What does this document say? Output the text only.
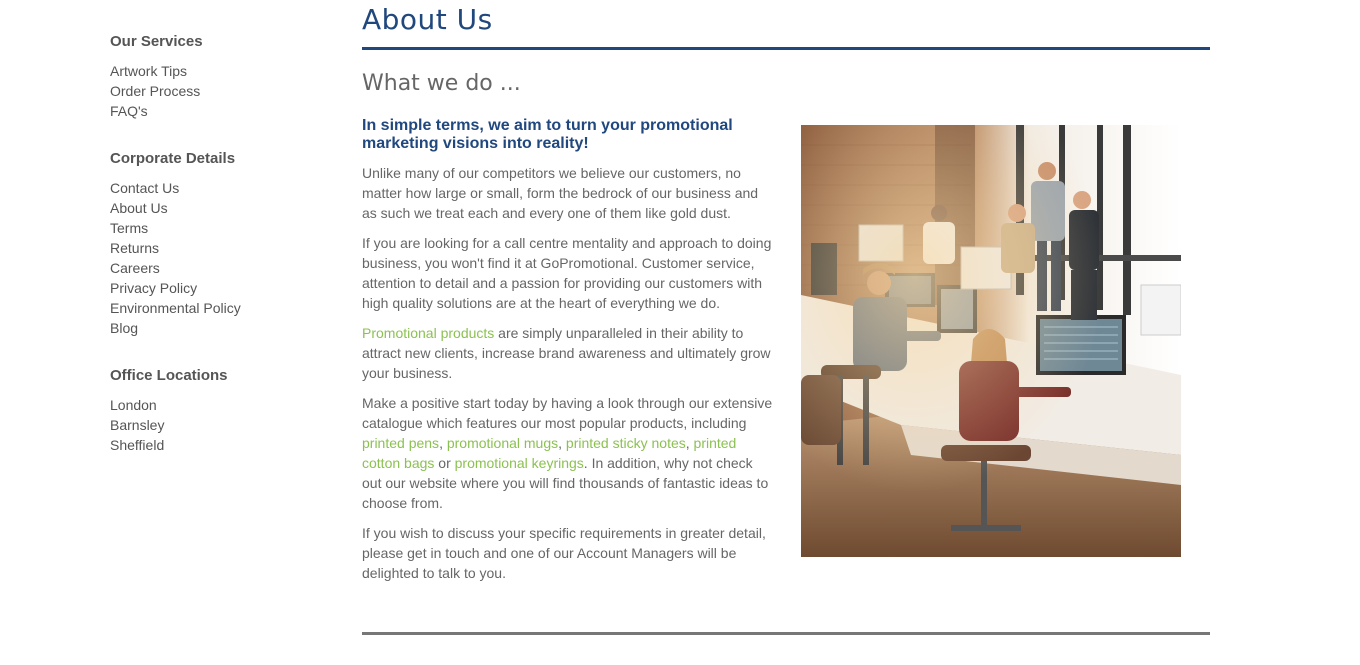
Our Services
Artwork Tips
Order Process
FAQ's
Corporate Details
Contact Us
About Us
Terms
Returns
Careers
Privacy Policy
Environmental Policy
Blog
Office Locations
London
Barnsley
Sheffield
About Us
What we do ...

In simple terms, we aim to turn your promotional marketing visions into reality!

Unlike many of our competitors we believe our customers, no matter how large or small, form the bedrock of our business and as such we treat each and every one of them like gold dust.

If you are looking for a call centre mentality and approach to doing business, you won't find it at GoPromotional. Customer service, attention to detail and a passion for providing our customers with high quality solutions are at the heart of everything we do.

Promotional products are simply unparalleled in their ability to attract new clients, increase brand awareness and ultimately grow your business.

Make a positive start today by having a look through our extensive catalogue which features our most popular products, including printed pens, promotional mugs, printed sticky notes, printed cotton bags or promotional keyrings. In addition, why not check out our website where you will find thousands of fantastic ideas to choose from.

If you wish to discuss your specific requirements in greater detail, please get in touch and one of our Account Managers will be delighted to talk to you.
